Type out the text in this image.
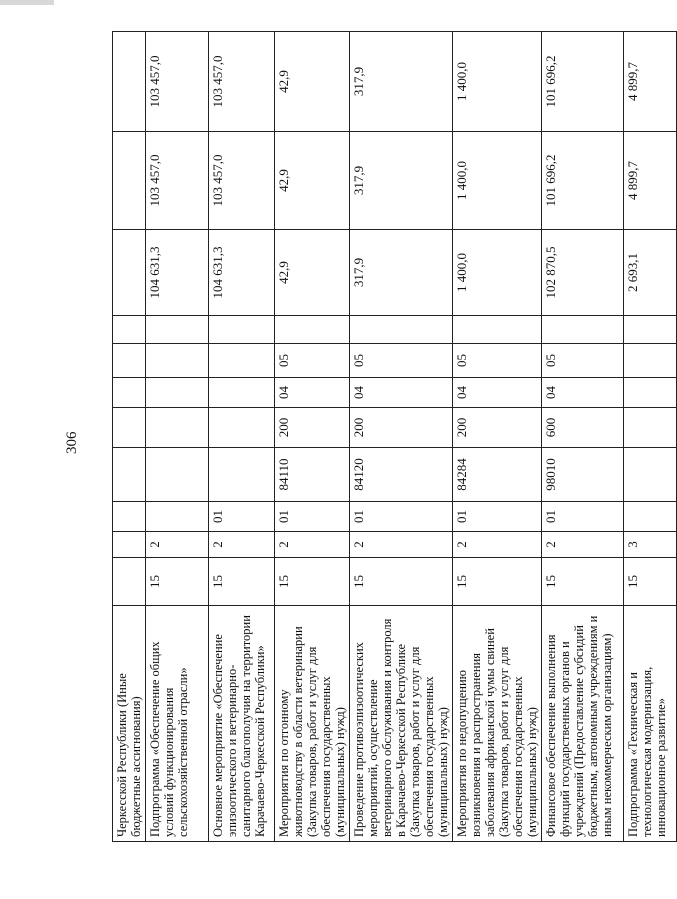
306
Черкесской Республики (Иные бюджетные ассигнования)											
Подпрограмма «Обеспечение общих условий функционирования сельскохозяйственной отрасли»	15	2							104 631,3	103 457,0	103 457,0
Основное мероприятие «Обеспечение эпизоотического и ветеринарно-санитарного благополучия на территории Карачаево-Черкесской Республики»	15	2	01						104 631,3	103 457,0	103 457,0
Мероприятия по отгонному животноводству в области ветеринарии (Закупка товаров, работ и услуг для обеспечения государственных (муниципальных) нужд)	15	2	01	84110	200	04	05		42,9	42,9	42,9
Проведение противоэпизоотических мероприятий, осуществление ветеринарного обслуживания и контроля в Карачаево-Черкесской Республике (Закупка товаров, работ и услуг для обеспечения государственных (муниципальных) нужд)	15	2	01	84120	200	04	05		317,9	317,9	317,9
Мероприятия по недопущению возникновения и распространения заболевания африканской чумы свиней (Закупка товаров, работ и услуг для обеспечения государственных (муниципальных) нужд)	15	2	01	84284	200	04	05		1 400,0	1 400,0	1 400,0
Финансовое обеспечение выполнения функций государственных органов и учреждений (Предоставление субсидий бюджетным, автономным учреждениям и иным некоммерческим организациям)	15	2	01	98010	600	04	05		102 870,5	101 696,2	101 696,2
Подпрограмма «Техническая и технологическая модернизация, инновационное развитие»	15	3							2 693,1	4 899,7	4 899,7
